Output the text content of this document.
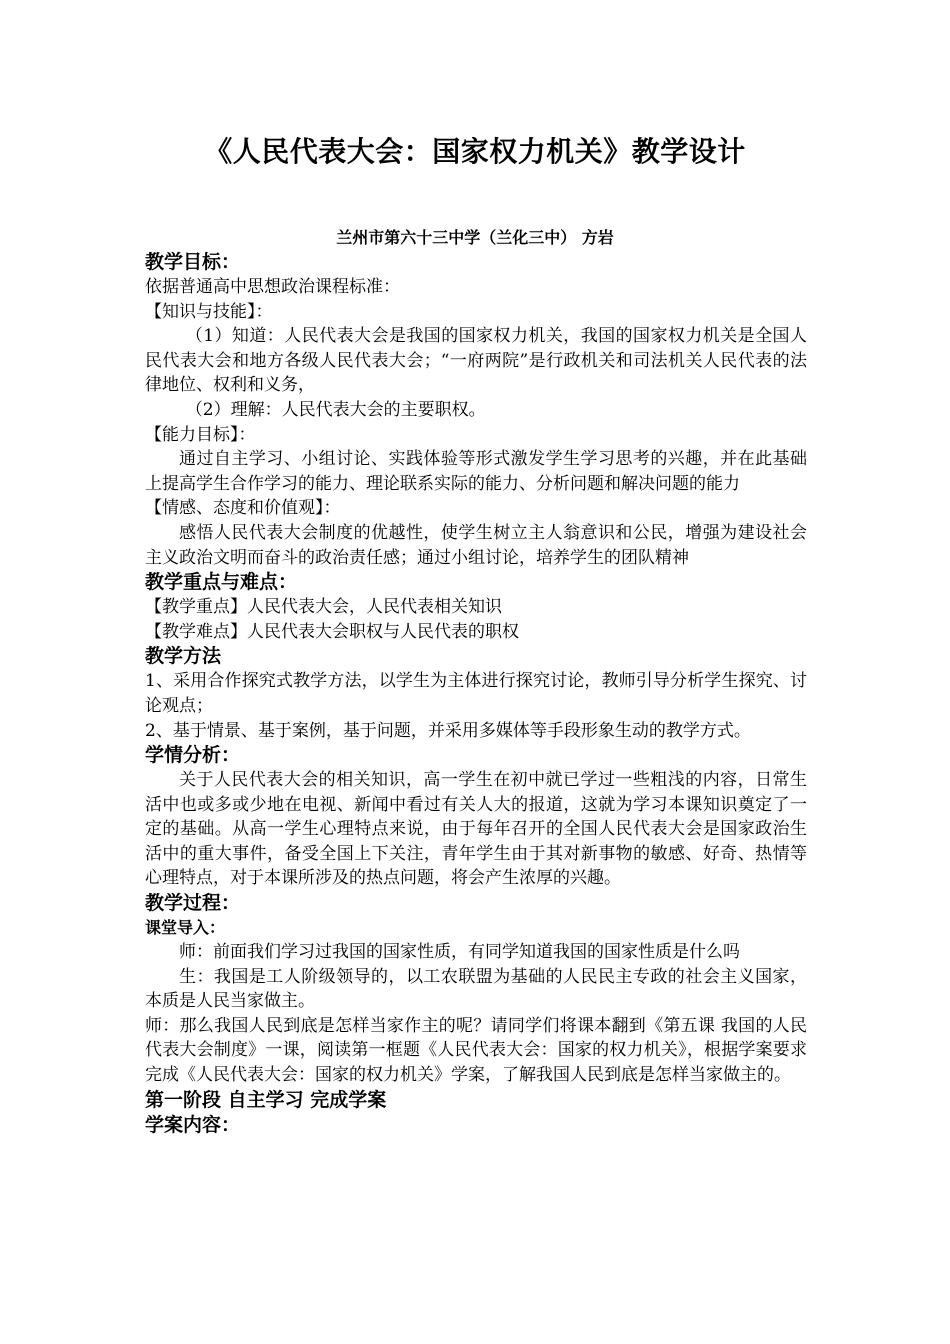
《人民代表大会：国家权力机关》教学设计
兰州市第六十三中学（兰化三中） 方岩

教学目标：

依据普通高中思想政治课程标准：

【知识与技能】：

（1）知道：人民代表大会是我国的国家权力机关，我国的国家权力机关是全国人民代表大会和地方各级人民代表大会；“一府两院”是行政机关和司法机关人民代表的法律地位、权利和义务，

（2）理解：人民代表大会的主要职权。

【能力目标】：

通过自主学习、小组讨论、实践体验等形式激发学生学习思考的兴趣，并在此基础上提高学生合作学习的能力、理论联系实际的能力、分析问题和解决问题的能力

【情感、态度和价值观】：

感悟人民代表大会制度的优越性，使学生树立主人翁意识和公民，增强为建设社会主义政治文明而奋斗的政治责任感；通过小组讨论，培养学生的团队精神

教学重点与难点：

【教学重点】人民代表大会，人民代表相关知识

【教学难点】人民代表大会职权与人民代表的职权

教学方法

1、采用合作探究式教学方法，以学生为主体进行探究讨论，教师引导分析学生探究、讨论观点；

2、基于情景、基于案例，基于问题，并采用多媒体等手段形象生动的教学方式。

学情分析：

关于人民代表大会的相关知识，高一学生在初中就已学过一些粗浅的内容，日常生活中也或多或少地在电视、新闻中看过有关人大的报道，这就为学习本课知识奠定了一定的基础。从高一学生心理特点来说，由于每年召开的全国人民代表大会是国家政治生活中的重大事件，备受全国上下关注，青年学生由于其对新事物的敏感、好奇、热情等心理特点，对于本课所涉及的热点问题，将会产生浓厚的兴趣。

教学过程：

课堂导入：

师：前面我们学习过我国的国家性质，有同学知道我国的国家性质是什么吗

生：我国是工人阶级领导的，以工农联盟为基础的人民民主专政的社会主义国家，本质是人民当家做主。

师：那么我国人民到底是怎样当家作主的呢？请同学们将课本翻到《第五课 我国的人民代表大会制度》一课，阅读第一框题《人民代表大会：国家的权力机关》，根据学案要求完成《人民代表大会：国家的权力机关》学案，了解我国人民到底是怎样当家做主的。

第一阶段 自主学习 完成学案

学案内容：
